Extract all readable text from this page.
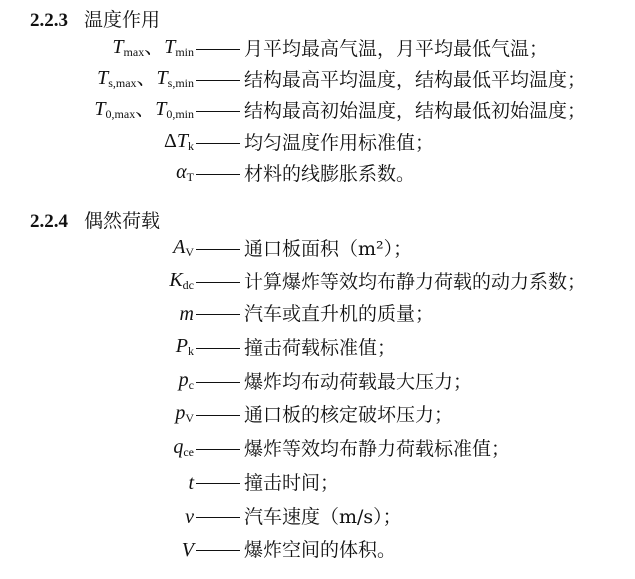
2.2.3 温度作用
$T_{max}$、$T_{min}$	月平均最高气温，月平均最低气温；
$T_{s,max}$、$T_{s,min}$	结构最高平均温度，结构最低平均温度；
$T_{0,max}$、$T_{0,min}$	结构最高初始温度，结构最低初始温度；
$\Delta T_k$	均匀温度作用标准值；
$\alpha_T$	材料的线膨胀系数。
2.2.4 偶然荷载
$A_V$	通口板面积（m²）；
$K_{dc}$	计算爆炸等效均布静力荷载的动力系数；
m	汽车或直升机的质量；
$P_k$	撞击荷载标准值；
$p_c$	爆炸均布动荷载最大压力；
$p_V$	通口板的核定破坏压力；
$q_{ce}$	爆炸等效均布静力荷载标准值；
t	撞击时间；
v	汽车速度（m/s）；
V	爆炸空间的体积。
